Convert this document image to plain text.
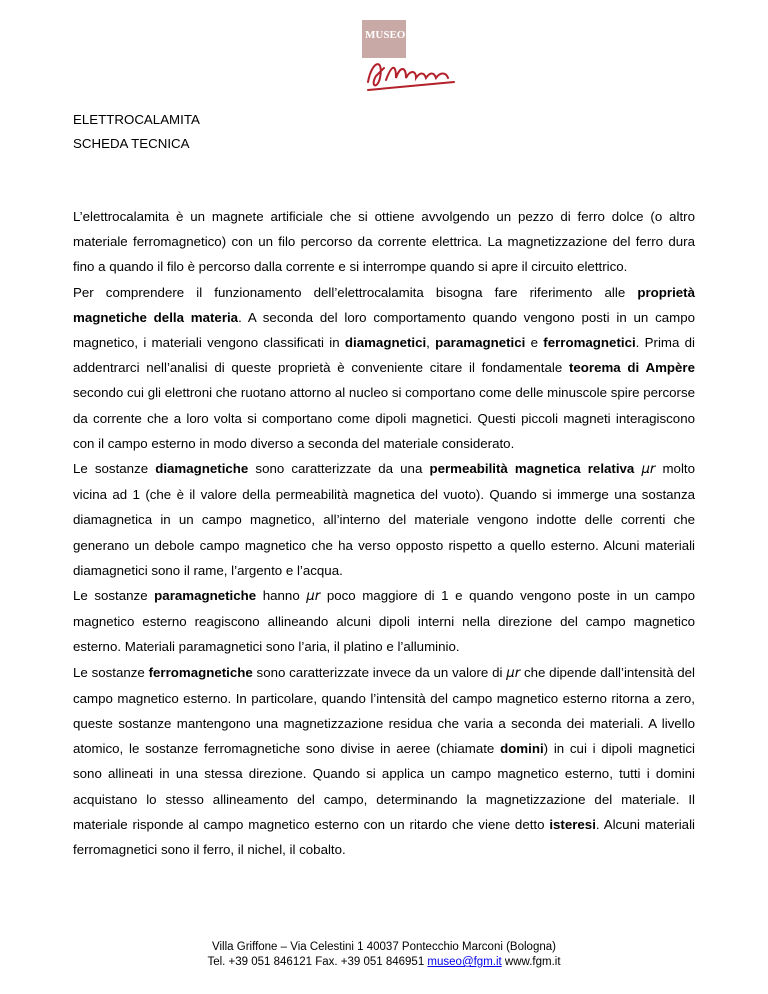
MUSEO
ELETTROCALAMITA
SCHEDA TECNICA

L’elettrocalamita è un magnete artificiale che si ottiene avvolgendo un pezzo di ferro dolce (o altro materiale ferromagnetico) con un filo percorso da corrente elettrica. La magnetizzazione del ferro dura fino a quando il filo è percorso dalla corrente e si interrompe quando si apre il circuito elettrico.

Per comprendere il funzionamento dell’elettrocalamita bisogna fare riferimento alle proprietà magnetiche della materia. A seconda del loro comportamento quando vengono posti in un campo magnetico, i materiali vengono classificati in diamagnetici, paramagnetici e ferromagnetici. Prima di addentrarci nell’analisi di queste proprietà è conveniente citare il fondamentale teorema di Ampère secondo cui gli elettroni che ruotano attorno al nucleo si comportano come delle minuscole spire percorse da corrente che a loro volta si comportano come dipoli magnetici. Questi piccoli magneti interagiscono con il campo esterno in modo diverso a seconda del materiale considerato.

Le sostanze diamagnetiche sono caratterizzate da una permeabilità magnetica relativa μr molto vicina ad 1 (che è il valore della permeabilità magnetica del vuoto). Quando si immerge una sostanza diamagnetica in un campo magnetico, all’interno del materiale vengono indotte delle correnti che generano un debole campo magnetico che ha verso opposto rispetto a quello esterno. Alcuni materiali diamagnetici sono il rame, l’argento e l’acqua.

Le sostanze paramagnetiche hanno μr poco maggiore di 1 e quando vengono poste in un campo magnetico esterno reagiscono allineando alcuni dipoli interni nella direzione del campo magnetico esterno. Materiali paramagnetici sono l’aria, il platino e l’alluminio.

Le sostanze ferromagnetiche sono caratterizzate invece da un valore di μr che dipende dall’intensità del campo magnetico esterno. In particolare, quando l’intensità del campo magnetico esterno ritorna a zero, queste sostanze mantengono una magnetizzazione residua che varia a seconda dei materiali. A livello atomico, le sostanze ferromagnetiche sono divise in aeree (chiamate domini) in cui i dipoli magnetici sono allineati in una stessa direzione. Quando si applica un campo magnetico esterno, tutti i domini acquistano lo stesso allineamento del campo, determinando la magnetizzazione del materiale. Il materiale risponde al campo magnetico esterno con un ritardo che viene detto isteresi. Alcuni materiali ferromagnetici sono il ferro, il nichel, il cobalto.

Villa Griffone – Via Celestini 1 40037 Pontecchio Marconi (Bologna)
Tel. +39 051 846121 Fax. +39 051 846951 museo@fgm.it www.fgm.it
